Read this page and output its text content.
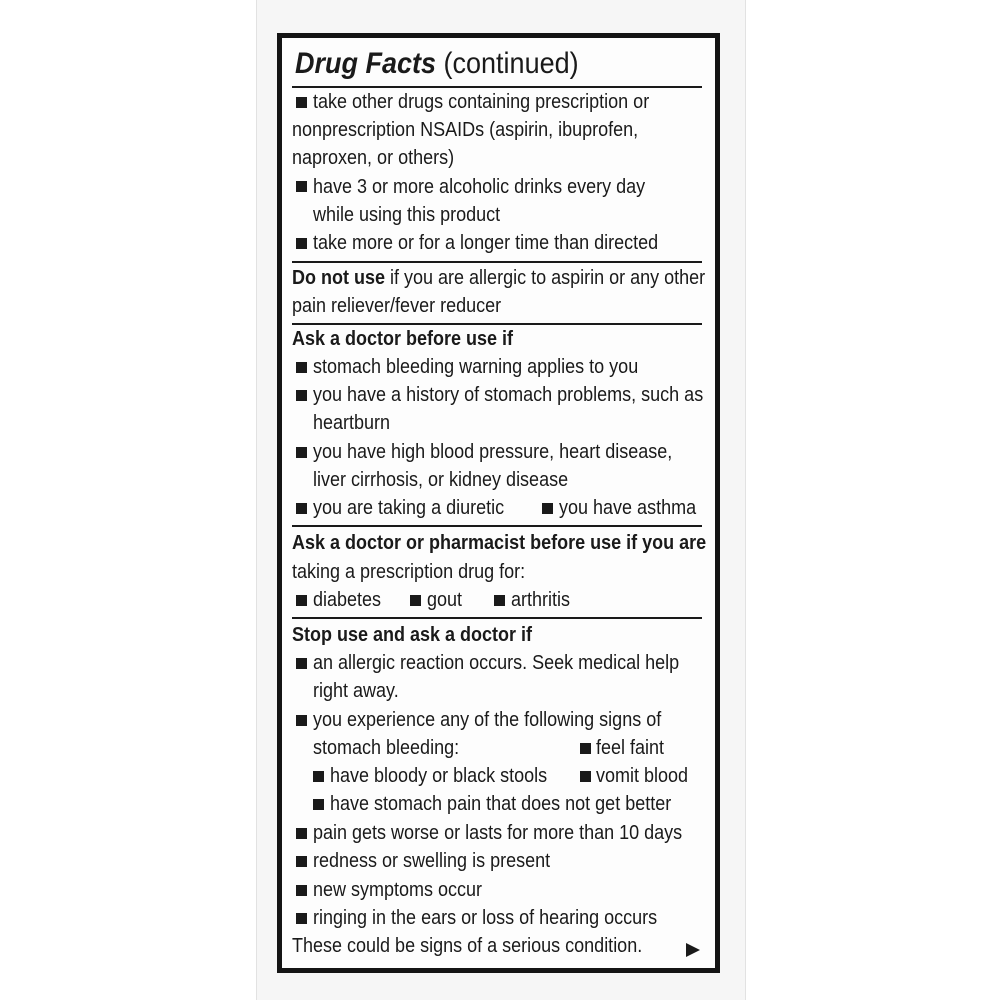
Drug Facts (continued)
take other drugs containing prescription or
nonprescription NSAIDs (aspirin, ibuprofen,
naproxen, or others)
have 3 or more alcoholic drinks every day
while using this product
take more or for a longer time than directed
Do not use if you are allergic to aspirin or any other
pain reliever/fever reducer
Ask a doctor before use if
stomach bleeding warning applies to you
you have a history of stomach problems, such as
heartburn
you have high blood pressure, heart disease,
liver cirrhosis, or kidney disease
you are taking a diuretic	you have asthma
Ask a doctor or pharmacist before use if you are
taking a prescription drug for:
diabetes gout arthritis
Stop use and ask a doctor if
an allergic reaction occurs. Seek medical help
right away.
you experience any of the following signs of
stomach bleeding:	feel faint
have bloody or black stools vomit blood
have stomach pain that does not get better
pain gets worse or lasts for more than 10 days
redness or swelling is present
new symptoms occur
ringing in the ears or loss of hearing occurs
These could be signs of a serious condition.
